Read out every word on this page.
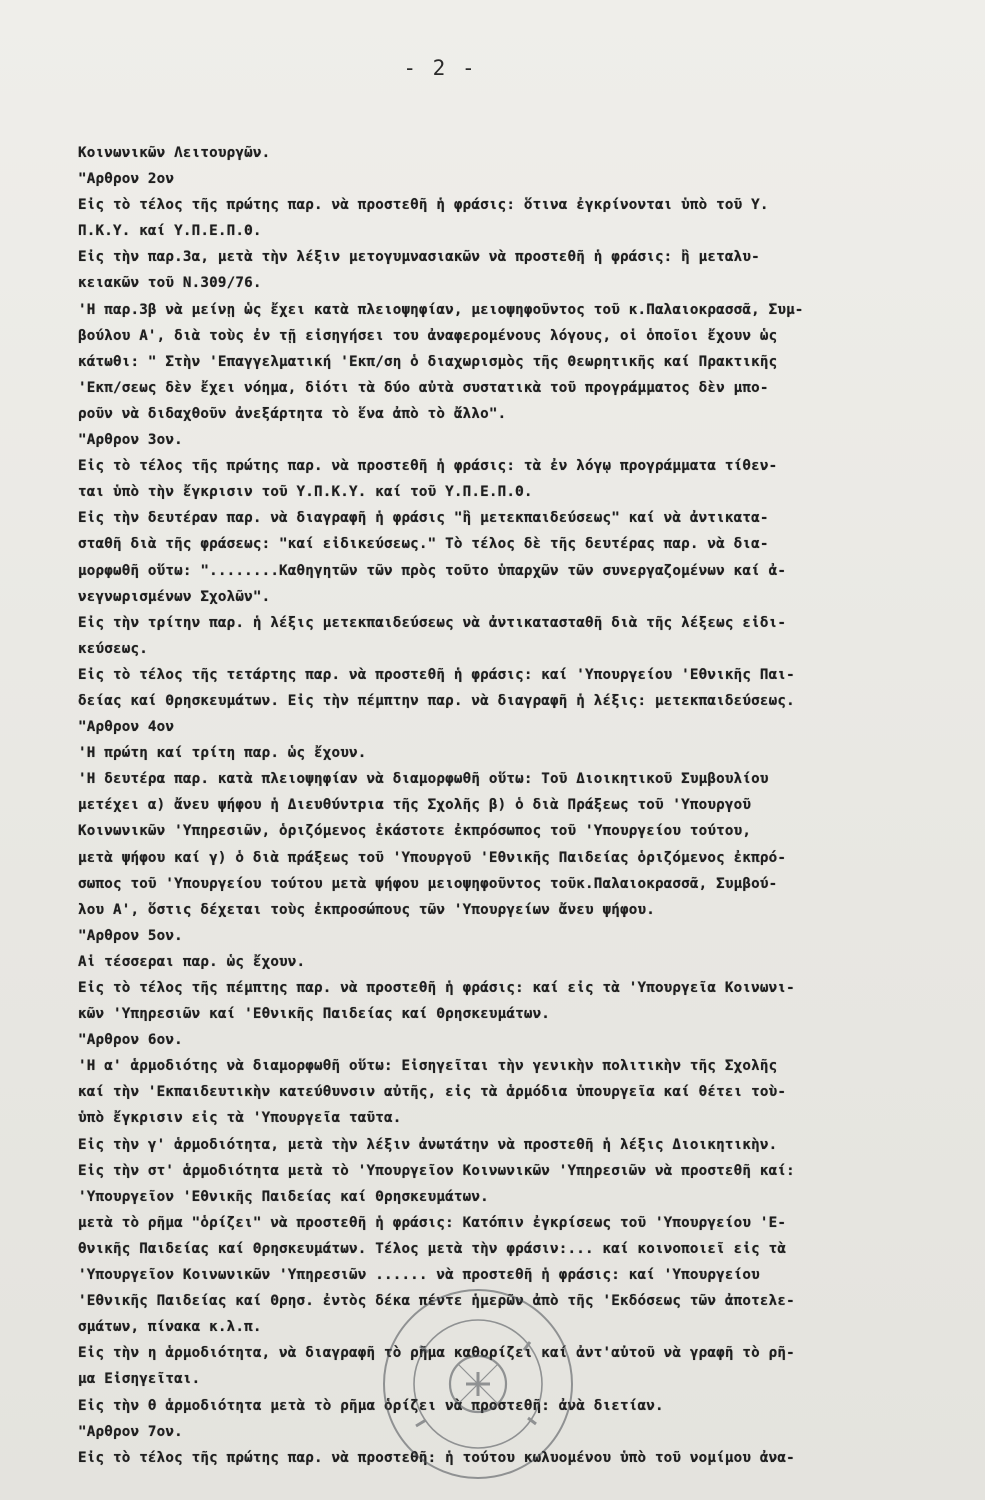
- 2 -
Κοινωνικῶν Λειτουργῶν.
"Αρθρον 2ον
Εἰς τὸ τέλος τῆς πρώτης παρ. νὰ προστεθῆ ἡ φράσις: ὅτινα ἐγκρίνονται ὑπὸ τοῦ Υ.
Π.Κ.Υ. καί Υ.Π.Ε.Π.Θ.
Εἰς τὴν παρ.3α, μετὰ τὴν λέξιν μετογυμνασιακῶν νὰ προστεθῆ ἡ φράσις: ἢ μεταλυ-
κειακῶν τοῦ Ν.309/76.
'Η παρ.3β νὰ μείνῃ ὡς ἔχει κατὰ πλειοψηφίαν, μειοψηφοῦντος τοῦ κ.Παλαιοκρασσᾶ, Συμ-
βούλου Α', διὰ τοὺς ἐν τῇ εἰσηγήσει του ἀναφερομένους λόγους, οἱ ὁποῖοι ἔχουν ὡς
κάτωθι: " Στὴν 'Επαγγελματική 'Εκπ/ση ὁ διαχωρισμὸς τῆς Θεωρητικῆς καί Πρακτικῆς
'Εκπ/σεως δὲν ἔχει νόημα, δἰότι τὰ δύο αὐτὰ συστατικὰ τοῦ προγράμματος δὲν μπο-
ροῦν νὰ διδαχθοῦν ἀνεξάρτητα τὸ ἕνα ἀπὸ τὸ ἄλλο".
"Αρθρον 3ον.
Εἰς τὸ τέλος τῆς πρώτης παρ. νὰ προστεθῆ ἡ φράσις: τὰ ἐν λόγῳ προγράμματα τίθεν-
ται ὑπὸ τὴν ἔγκρισιν τοῦ Υ.Π.Κ.Υ. καί τοῦ Υ.Π.Ε.Π.Θ.
Εἰς τὴν δευτέραν παρ. νὰ διαγραφῆ ἡ φράσις "ἢ μετεκπαιδεύσεως" καί νὰ ἀντικατα-
σταθῆ διὰ τῆς φράσεως: "καί εἰδικεύσεως." Τὸ τέλος δὲ τῆς δευτέρας παρ. νὰ δια-
μορφωθῆ οὕτω: "........Καθηγητῶν τῶν πρὸς τοῦτο ὑπαρχῶν τῶν συνεργαζομένων καί ἀ-
νεγνωρισμένων Σχολῶν".
Εἰς τὴν τρίτην παρ. ἡ λέξις μετεκπαιδεύσεως νὰ ἀντικατασταθῆ διὰ τῆς λέξεως εἰδι-
κεύσεως.
Εἰς τὸ τέλος τῆς τετάρτης παρ. νὰ προστεθῆ ἡ φράσις: καί 'Υπουργείου 'Εθνικῆς Παι-
δείας καί Θρησκευμάτων. Εἰς τὴν πέμπτην παρ. νὰ διαγραφῆ ἡ λέξις: μετεκπαιδεύσεως.
"Αρθρον 4ον
'Η πρώτη καί τρίτη παρ. ὡς ἔχουν.
'Η δευτέρα παρ. κατὰ πλειοψηφίαν νὰ διαμορφωθῆ οὕτω: Τοῦ Διοικητικοῦ Συμβουλίου
μετέχει α) ἄνευ ψήφου ἡ Διευθύντρια τῆς Σχολῆς β) ὁ διὰ Πράξεως τοῦ 'Υπουργοῦ
Κοινωνικῶν 'Υπηρεσιῶν, ὁριζόμενος ἑκάστοτε ἐκπρόσωπος τοῦ 'Υπουργείου τούτου,
μετὰ ψήφου καί γ) ὁ διὰ πράξεως τοῦ 'Υπουργοῦ 'Εθνικῆς Παιδείας ὁριζόμενος ἐκπρό-
σωπος τοῦ 'Υπουργείου τούτου μετὰ ψήφου μειοψηφοῦντος τοῦκ.Παλαιοκρασσᾶ, Συμβού-
λου Α', ὅστις δέχεται τοὺς ἐκπροσώπους τῶν 'Υπουργείων ἄνευ ψήφου.
"Αρθρον 5ον.
Αἱ τέσσεραι παρ. ὡς ἔχουν.
Εἰς τὸ τέλος τῆς πέμπτης παρ. νὰ προστεθῆ ἡ φράσις: καί εἰς τὰ 'Υπουργεῖα Κοινωνι-
κῶν 'Υπηρεσιῶν καί 'Εθνικῆς Παιδείας καί Θρησκευμάτων.
"Αρθρον 6ον.
'Η α' ἁρμοδιότης νὰ διαμορφωθῆ οὕτω: Εἰσηγεῖται τὴν γενικὴν πολιτικὴν τῆς Σχολῆς
καί τὴν 'Εκπαιδευτικὴν κατεύθυνσιν αὐτῆς, εἰς τὰ ἁρμόδια ὑπουργεῖα καί θέτει τοὺ-
ὑπὸ ἔγκρισιν εἰς τὰ 'Υπουργεῖα ταῦτα.
Εἰς τὴν γ' ἁρμοδιότητα, μετὰ τὴν λέξιν ἀνωτάτην νὰ προστεθῆ ἡ λέξις Διοικητικὴν.
Εἰς τὴν στ' ἁρμοδιότητα μετὰ τὸ 'Υπουργεῖον Κοινωνικῶν 'Υπηρεσιῶν νὰ προστεθῆ καί:
'Υπουργεῖον 'Εθνικῆς Παιδείας καί Θρησκευμάτων.
μετὰ τὸ ρῆμα "ὁρίζει" νὰ προστεθῆ ἡ φράσις: Κατόπιν ἐγκρίσεως τοῦ 'Υπουργείου 'Ε-
θνικῆς Παιδείας καί Θρησκευμάτων. Τέλος μετὰ τὴν φράσιν:... καί κοινοποιεῖ εἰς τὰ
'Υπουργεῖον Κοινωνικῶν 'Υπηρεσιῶν ...... νὰ προστεθῆ ἡ φράσις: καί 'Υπουργείου
'Εθνικῆς Παιδείας καί Θρησ. ἐντὸς δέκα πέντε ἡμερῶν ἀπὸ τῆς 'Εκδόσεως τῶν ἀποτελε-
σμάτων, πίνακα κ.λ.π.
Εἰς τὴν η ἁρμοδιότητα, νὰ διαγραφῆ τὸ ρῆμα καθορίζει καί ἀντ'αὐτοῦ νὰ γραφῆ τὸ ρῆ-
μα Εἰσηγεῖται.
Εἰς τὴν θ ἁρμοδιότητα μετὰ τὸ ρῆμα ὁρίζει νὰ προστεθῆ: ἀνὰ διετίαν.
"Αρθρον 7ον.
Εἰς τὸ τέλος τῆς πρώτης παρ. νὰ προστεθῆ: ἡ τούτου κωλυομένου ὑπὸ τοῦ νομίμου ἀνα-
